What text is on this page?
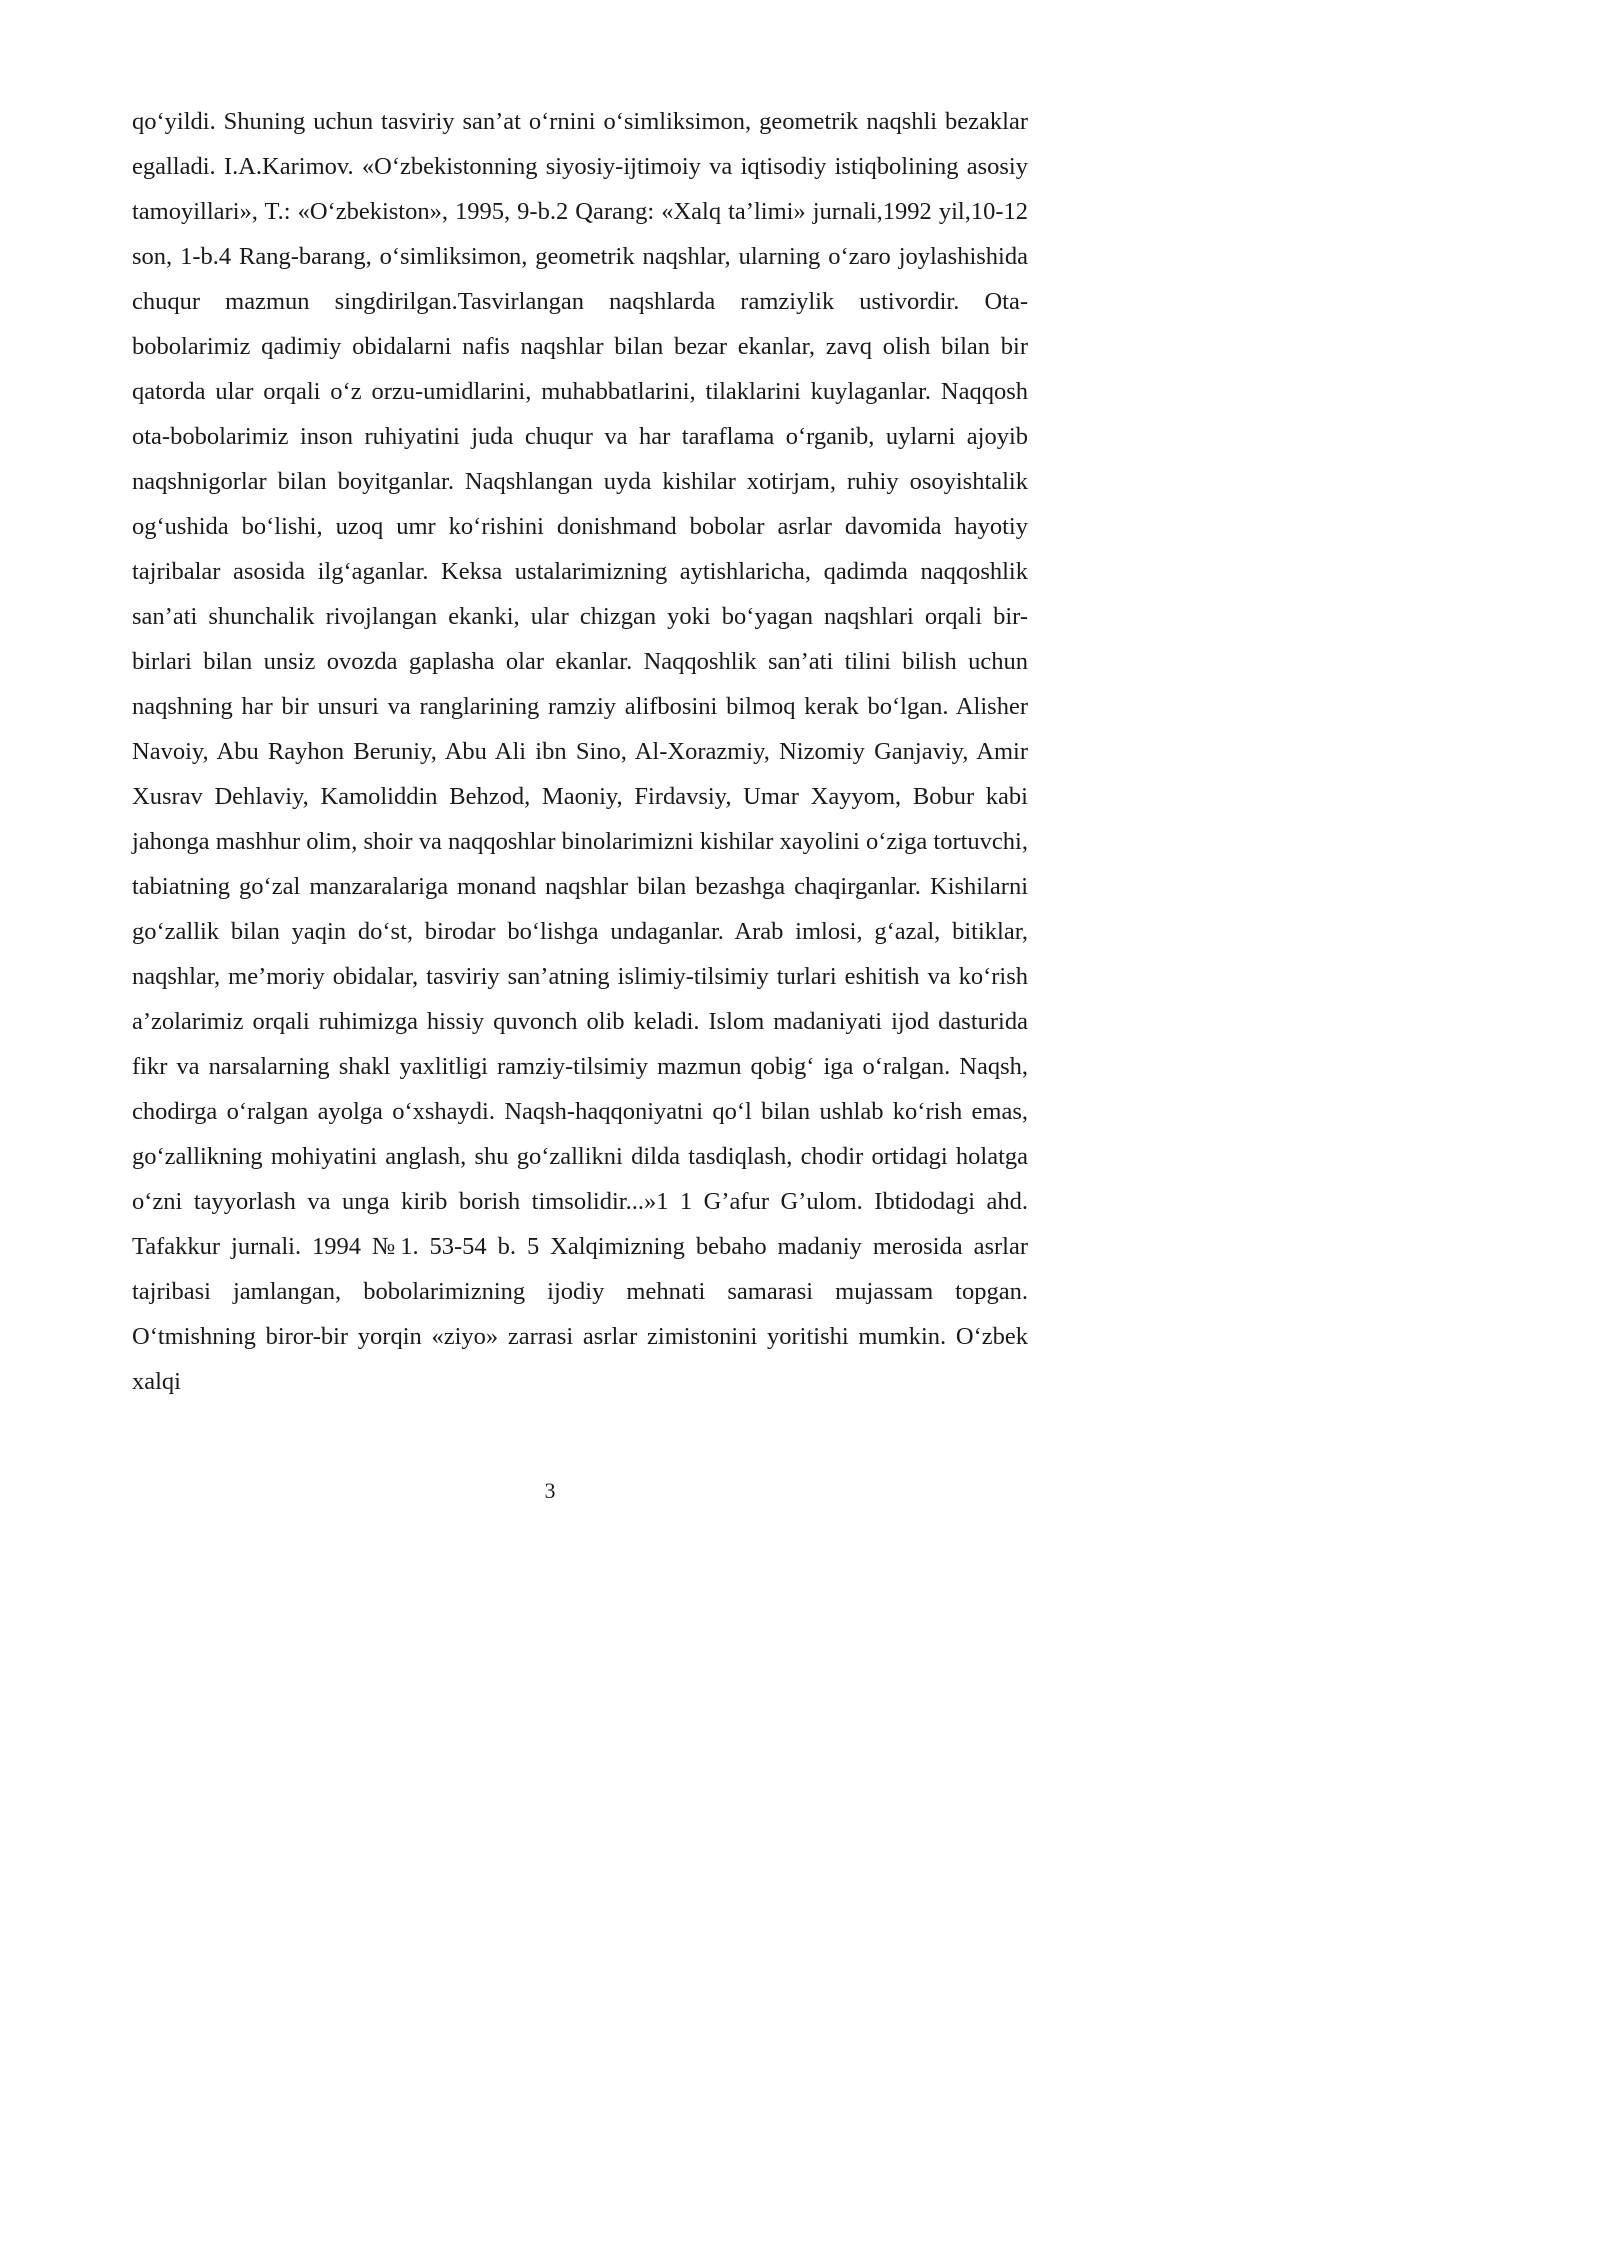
qo‘yildi. Shuning uchun tasviriy san’at o‘rnini o‘simliksimon, geometrik naqshli bezaklar egalladi. I.A.Karimov. «O‘zbekistonning siyosiy-ijtimoiy va iqtisodiy istiqbolining asosiy tamoyillari», T.: «O‘zbekiston», 1995, 9-b.2 Qarang: «Xalq ta’limi» jurnali,1992 yil,10-12 son, 1-b.4 Rang-barang, o‘simliksimon, geometrik naqshlar, ularning o‘zaro joylashishida chuqur mazmun singdirilgan.Tasvirlangan naqshlarda ramziylik ustivordir. Ota-bobolarimiz qadimiy obidalarni nafis naqshlar bilan bezar ekanlar, zavq olish bilan bir qatorda ular orqali o‘z orzu-umidlarini, muhabbatlarini, tilaklarini kuylaganlar. Naqqosh ota-bobolarimiz inson ruhiyatini juda chuqur va har taraflama o‘rganib, uylarni ajoyib naqshnigorlar bilan boyitganlar. Naqshlangan uyda kishilar xotirjam, ruhiy osoyishtalik og‘ushida bo‘lishi, uzoq umr ko‘rishini donishmand bobolar asrlar davomida hayotiy tajribalar asosida ilg‘aganlar. Keksa ustalarimizning aytishlaricha, qadimda naqqoshlik san’ati shunchalik rivojlangan ekanki, ular chizgan yoki bo‘yagan naqshlari orqali bir-birlari bilan unsiz ovozda gaplasha olar ekanlar. Naqqoshlik san’ati tilini bilish uchun naqshning har bir unsuri va ranglarining ramziy alifbosini bilmoq kerak bo‘lgan. Alisher Navoiy, Abu Rayhon Beruniy, Abu Ali ibn Sino, Al-Xorazmiy, Nizomiy Ganjaviy, Amir Xusrav Dehlaviy, Kamoliddin Behzod, Maoniy, Firdavsiy, Umar Xayyom, Bobur kabi jahonga mashhur olim, shoir va naqqoshlar binolarimizni kishilar xayolini o‘ziga tortuvchi, tabiatning go‘zal manzaralariga monand naqshlar bilan bezashga chaqirganlar. Kishilarni go‘zallik bilan yaqin do‘st, birodar bo‘lishga undaganlar. Arab imlosi, g‘azal, bitiklar, naqshlar, me’moriy obidalar, tasviriy san’atning islimiy-tilsimiy turlari eshitish va ko‘rish a’zolarimiz orqali ruhimizga hissiy quvonch olib keladi. Islom madaniyati ijod dasturida fikr va narsalarning shakl yaxlitligi ramziy-tilsimiy mazmun qobig‘ iga o‘ralgan. Naqsh, chodirga o‘ralgan ayolga o‘xshaydi. Naqsh-haqqoniyatni qo‘l bilan ushlab ko‘rish emas, go‘zallikning mohiyatini anglash, shu go‘zallikni dilda tasdiqlash, chodir ortidagi holatga o‘zni tayyorlash va unga kirib borish timsolidir...»1 1 G’afur G’ulom. Ibtidodagi ahd. Tafakkur jurnali. 1994 №1. 53-54 b. 5 Xalqimizning bebaho madaniy merosida asrlar tajribasi jamlangan, bobolarimizning ijodiy mehnati samarasi mujassam topgan. O‘tmishning biror-bir yorqin «ziyo» zarrasi asrlar zimistonini yoritishi mumkin. O‘zbek xalqi

3
